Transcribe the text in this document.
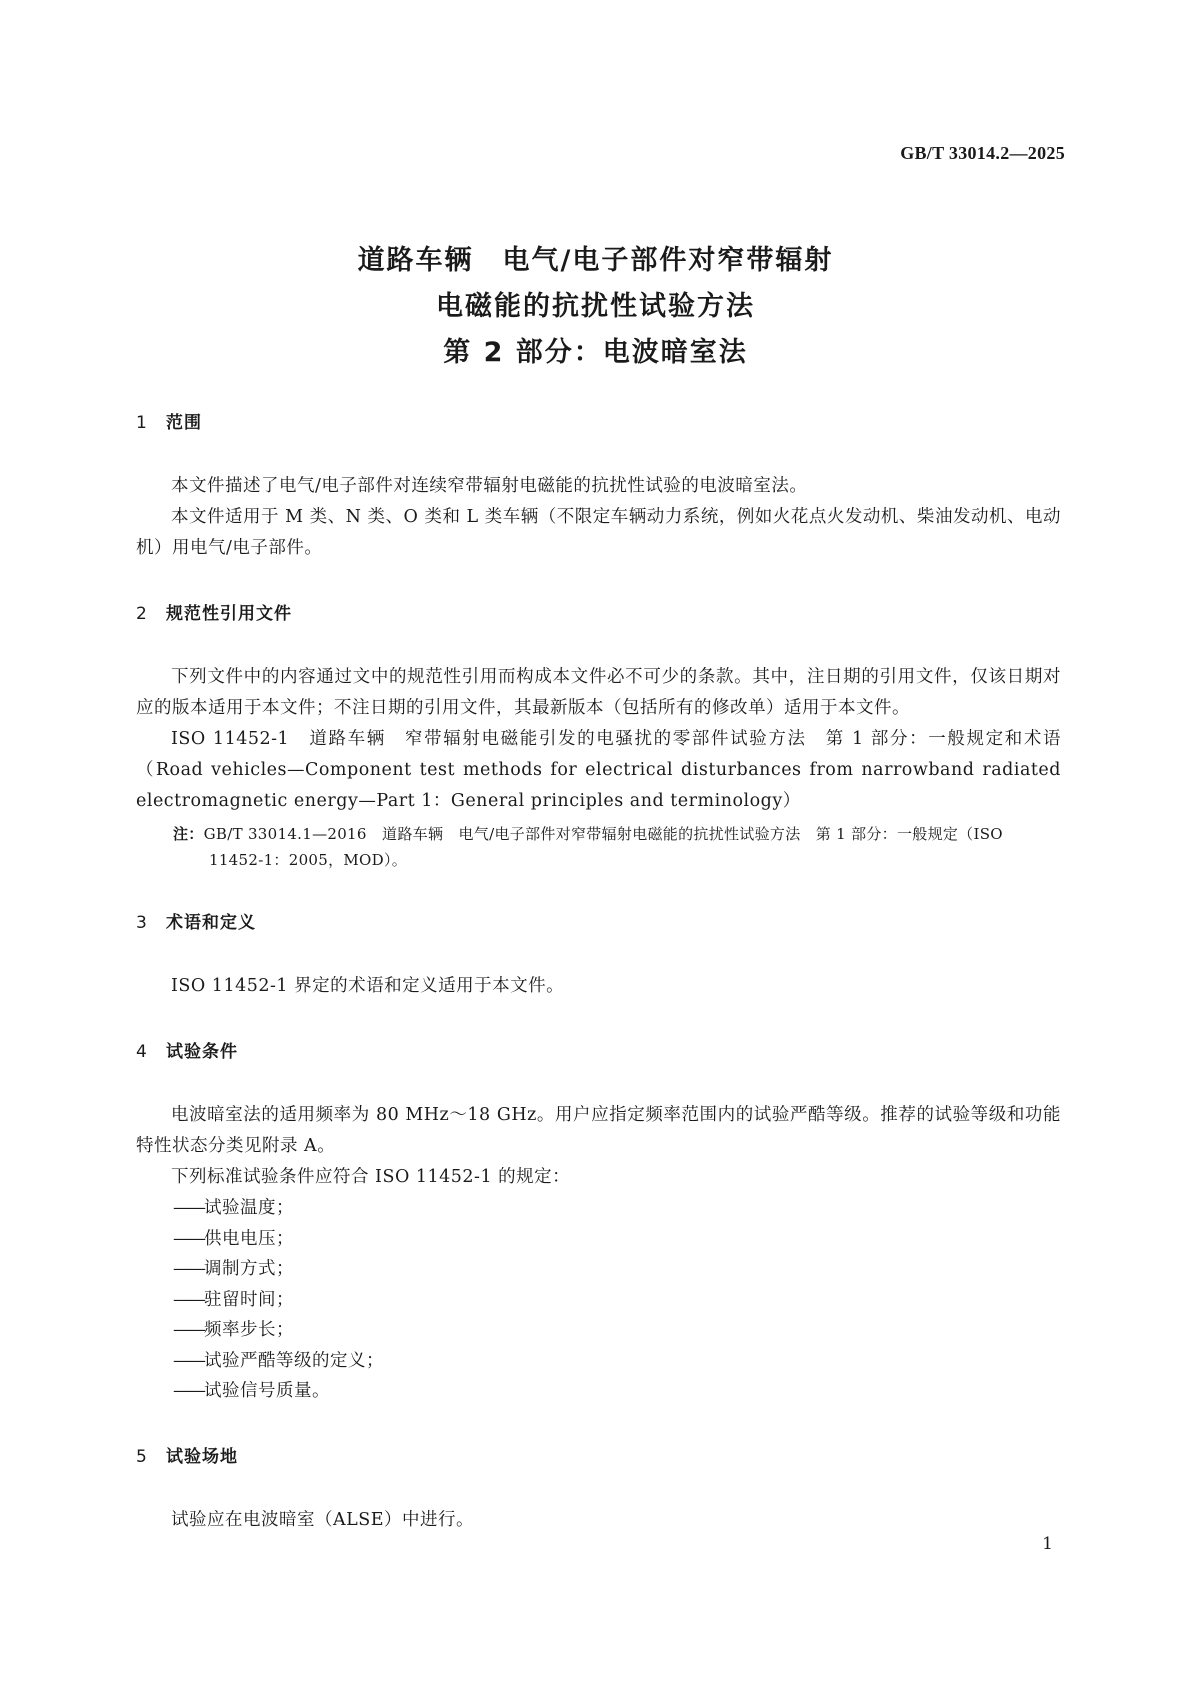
GB/T 33014.2—2025
道路车辆　电气/电子部件对窄带辐射
电磁能的抗扰性试验方法
第 2 部分：电波暗室法
1 范围

本文件描述了电气/电子部件对连续窄带辐射电磁能的抗扰性试验的电波暗室法。

本文件适用于 M 类、N 类、O 类和 L 类车辆（不限定车辆动力系统，例如火花点火发动机、柴油发动机、电动机）用电气/电子部件。

2 规范性引用文件

下列文件中的内容通过文中的规范性引用而构成本文件必不可少的条款。其中，注日期的引用文件，仅该日期对应的版本适用于本文件；不注日期的引用文件，其最新版本（包括所有的修改单）适用于本文件。

ISO 11452-1　道路车辆　窄带辐射电磁能引发的电骚扰的零部件试验方法　第 1 部分：一般规定和术语（Road vehicles—Component test methods for electrical disturbances from narrowband radiated electromagnetic energy—Part 1：General principles and terminology）

注：GB/T 33014.1—2016　道路车辆　电气/电子部件对窄带辐射电磁能的抗扰性试验方法　第 1 部分：一般规定（ISO 11452-1：2005，MOD）。

3 术语和定义

ISO 11452-1 界定的术语和定义适用于本文件。

4 试验条件

电波暗室法的适用频率为 80 MHz～18 GHz。用户应指定频率范围内的试验严酷等级。推荐的试验等级和功能特性状态分类见附录 A。

下列标准试验条件应符合 ISO 11452-1 的规定：

——试验温度；
——供电电压；
——调制方式；
——驻留时间；
——频率步长；
——试验严酷等级的定义；
——试验信号质量。
5 试验场地

试验应在电波暗室（ALSE）中进行。

1
